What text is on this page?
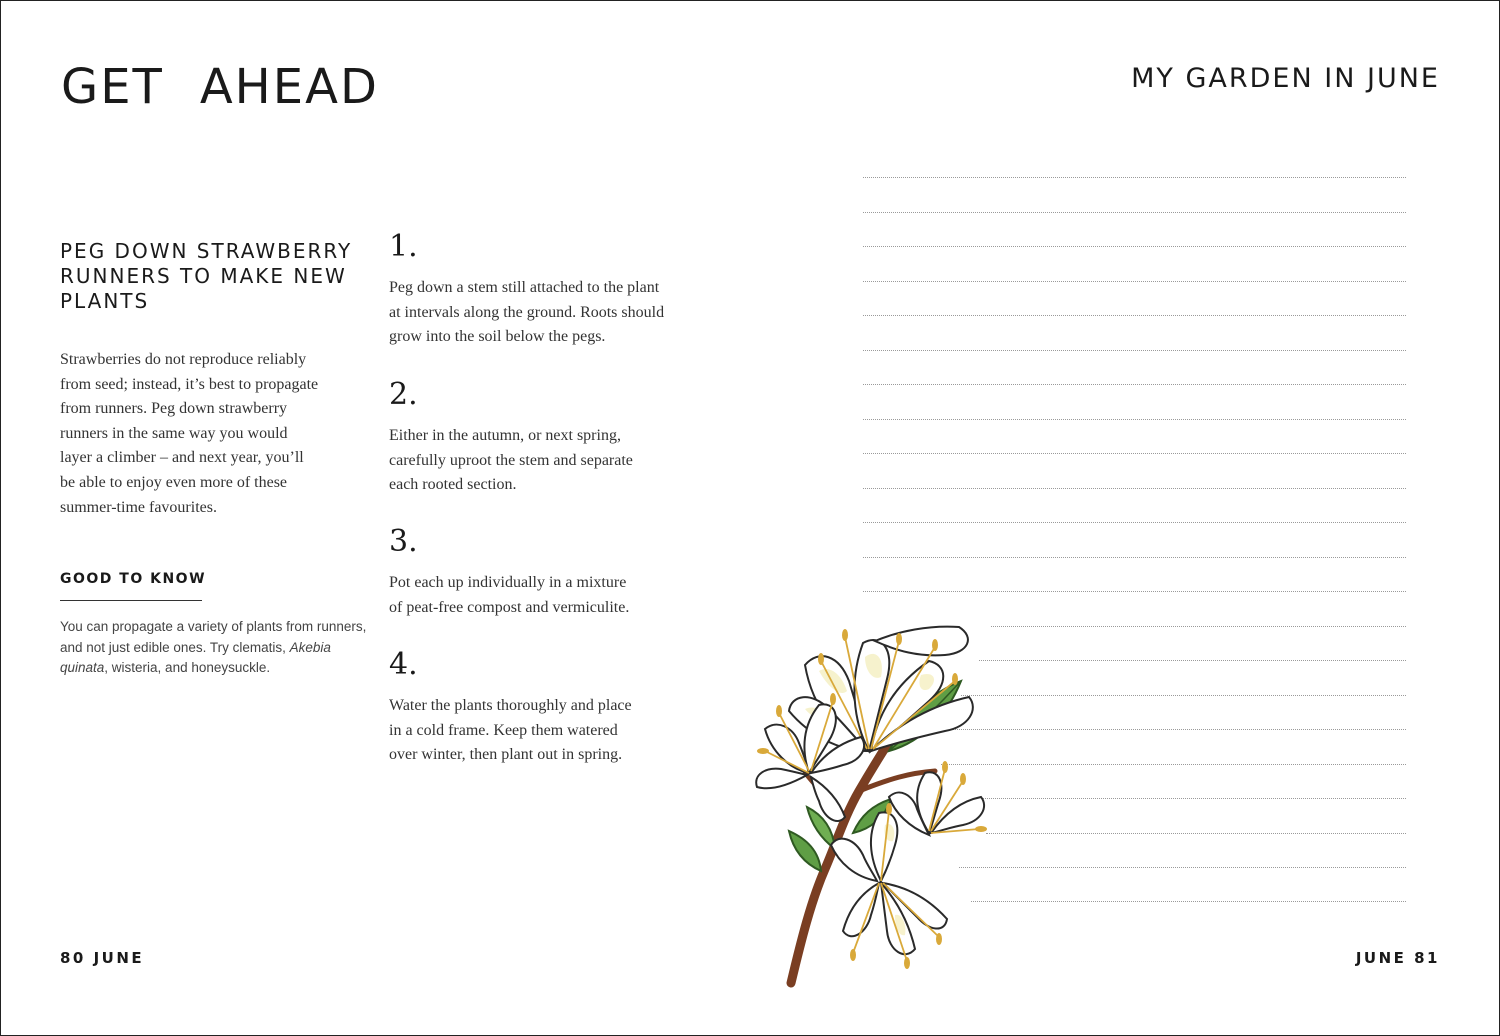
GET AHEAD
PEG DOWN STRAWBERRY RUNNERS TO MAKE NEW PLANTS
Strawberries do not reproduce reliably
from seed; instead, it’s best to propagate
from runners. Peg down strawberry
runners in the same way you would
layer a climber – and next year, you’ll
be able to enjoy even more of these
summer-time favourites.
GOOD TO KNOW
You can propagate a variety of plants from runners, and not just edible ones. Try clematis, Akebia quinata, wisteria, and honeysuckle.
1.
Peg down a stem still attached to the plant
at intervals along the ground. Roots should
grow into the soil below the pegs.
2.
Either in the autumn, or next spring,
carefully uproot the stem and separate
each rooted section.
3.
Pot each up individually in a mixture
of peat-free compost and vermiculite.
4.
Water the plants thoroughly and place
in a cold frame. Keep them watered
over winter, then plant out in spring.
80 JUNE
MY GARDEN IN JUNE
JUNE 81
